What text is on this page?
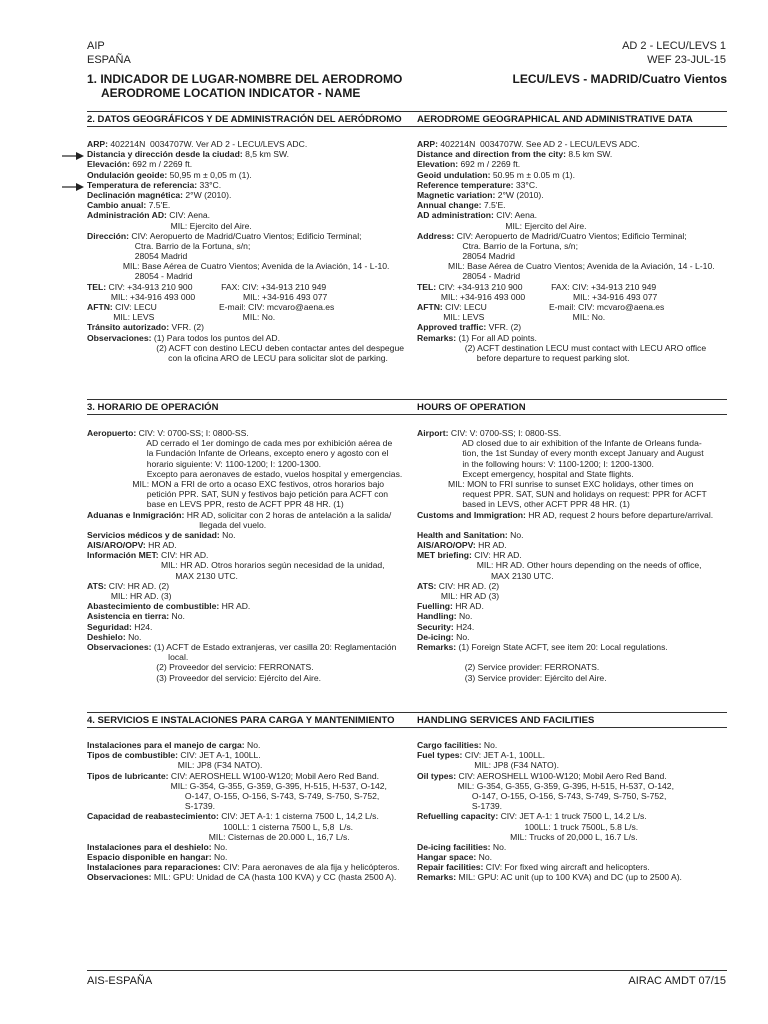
AIP
ESPAÑA
AD 2 - LECU/LEVS 1
WEF 23-JUL-15
1. INDICADOR DE LUGAR-NOMBRE DEL AERODROMO
AERODROME LOCATION INDICATOR - NAME
LECU/LEVS - MADRID/Cuatro Vientos
2. DATOS GEOGRÁFICOS Y DE ADMINISTRACIÓN DEL AERÓDROMO AERODROME GEOGRAPHICAL AND ADMINISTRATIVE DATA
ARP: 402214N  0034707W. Ver AD 2 - LECU/LEVS ADC.
Distancia y dirección desde la ciudad: 8,5 km SW.
Elevación: 692 m / 2269 ft.
Ondulación geoide: 50,95 m ± 0,05 m (1).
Temperatura de referencia: 33°C.
Declinación magnética: 2°W (2010).
Cambio anual: 7.5'E.
Administración AD: CIV: Aena.
MIL: Ejercito del Aire.
Dirección: CIV: Aeropuerto de Madrid/Cuatro Vientos; Edificio Terminal;
Ctra. Barrio de la Fortuna, s/n;
28054 Madrid
MIL: Base Aérea de Cuatro Vientos; Avenida de la Aviación, 14 - L-10.
28054 - Madrid
TEL: CIV: +34-913 210 900            FAX: CIV: +34-913 210 949
MIL: +34-916 493 000                    MIL: +34-916 493 077
AFTN: CIV: LECU                          E-mail: CIV: mcvaro@aena.es
MIL: LEVS                                     MIL: No.
Tránsito autorizado: VFR. (2)
Observaciones: (1) Para todos los puntos del AD.
(2) ACFT con destino LECU deben contactar antes del despegue
con la oficina ARO de LECU para solicitar slot de parking.
ARP: 402214N  0034707W. See AD 2 - LECU/LEVS ADC.
Distance and direction from the city: 8.5 km SW.
Elevation: 692 m / 2269 ft.
Geoid undulation: 50.95 m ± 0.05 m (1).
Reference temperature: 33°C.
Magnetic variation: 2°W (2010).
Annual change: 7.5'E.
AD administration: CIV: Aena.
MIL: Ejercito del Aire.
Address: CIV: Aeropuerto de Madrid/Cuatro Vientos; Edificio Terminal;
Ctra. Barrio de la Fortuna, s/n;
28054 Madrid
MIL: Base Aérea de Cuatro Vientos; Avenida de la Aviación, 14 - L-10.
28054 - Madrid
TEL: CIV: +34-913 210 900            FAX: CIV: +34-913 210 949
MIL: +34-916 493 000                    MIL: +34-916 493 077
AFTN: CIV: LECU                          E-mail: CIV: mcvaro@aena.es
MIL: LEVS                                     MIL: No.
Approved traffic: VFR. (2)
Remarks: (1) For all AD points.
(2) ACFT destination LECU must contact with LECU ARO office
before departure to request parking slot.
3. HORARIO DE OPERACIÓN	HOURS OF OPERATION
Aeropuerto: CIV: V: 0700-SS; I: 0800-SS.
AD cerrado el 1er domingo de cada mes por exhibición aérea de
la Fundación Infante de Orleans, excepto enero y agosto con el
horario siguiente: V: 1100-1200; I: 1200-1300.
Excepto para aeronaves de estado, vuelos hospital y emergencias.
MIL: MON a FRI de orto a ocaso EXC festivos, otros horarios bajo
petición PPR. SAT, SUN y festivos bajo petición para ACFT con
base en LEVS PPR, resto de ACFT PPR 48 HR. (1)
Aduanas e Inmigración: HR AD, solicitar con 2 horas de antelación a la salida/
llegada del vuelo.
Servicios médicos y de sanidad: No.
AIS/ARO/OPV: HR AD.
Información MET: CIV: HR AD.
MIL: HR AD. Otros horarios según necesidad de la unidad,
MAX 2130 UTC.
ATS: CIV: HR AD. (2)
MIL: HR AD. (3)
Abastecimiento de combustible: HR AD.
Asistencia en tierra: No.
Seguridad: H24.
Deshielo: No.
Observaciones: (1) ACFT de Estado extranjeras, ver casilla 20: Reglamentación
local.
(2) Proveedor del servicio: FERRONATS.
(3) Proveedor del servicio: Ejército del Aire.
Airport: CIV: V: 0700-SS; I: 0800-SS.
AD closed due to air exhibition of the Infante de Orleans funda-
tion, the 1st Sunday of every month except January and August
in the following hours: V: 1100-1200; I: 1200-1300.
Except emergency, hospital and State flights.
MIL: MON to FRI sunrise to sunset EXC holidays, other times on
request PPR. SAT, SUN and holidays on request: PPR for ACFT
based in LEVS, other ACFT PPR 48 HR. (1)
Customs and Immigration: HR AD, request 2 hours before departure/arrival.
Health and Sanitation: No.
AIS/ARO/OPV: HR AD.
MET briefing: CIV: HR AD.
MIL: HR AD. Other hours depending on the needs of office,
MAX 2130 UTC.
ATS: CIV: HR AD. (2)
MIL: HR AD (3)
Fuelling: HR AD.
Handling: No.
Security: H24.
De-icing: No.
Remarks: (1) Foreign State ACFT, see item 20: Local regulations.
(2) Service provider: FERRONATS.
(3) Service provider: Ejército del Aire.
4. SERVICIOS E INSTALACIONES PARA CARGA Y MANTENIMIENTO HANDLING SERVICES AND FACILITIES
Instalaciones para el manejo de carga: No.
Tipos de combustible: CIV: JET A-1, 100LL.
MIL: JP8 (F34 NATO).
Tipos de lubricante: CIV: AEROSHELL W100-W120; Mobil Aero Red Band.
MIL: G-354, G-355, G-359, G-395, H-515, H-537, O-142,
O-147, O-155, O-156, S-743, S-749, S-750, S-752,
S-1739.
Capacidad de reabastecimiento: CIV: JET A-1: 1 cisterna 7500 L, 14,2 L/s.
100LL: 1 cisterna 7500 L, 5,8  L/s.
MIL: Cisternas de 20.000 L, 16,7 L/s.
Instalaciones para el deshielo: No.
Espacio disponible en hangar: No.
Instalaciones para reparaciones: CIV: Para aeronaves de ala fija y helicópteros.
Observaciones: MIL: GPU: Unidad de CA (hasta 100 KVA) y CC (hasta 2500 A).
Cargo facilities: No.
Fuel types: CIV: JET A-1, 100LL.
MIL: JP8 (F34 NATO).
Oil types: CIV: AEROSHELL W100-W120; Mobil Aero Red Band.
MIL: G-354, G-355, G-359, G-395, H-515, H-537, O-142,
O-147, O-155, O-156, S-743, S-749, S-750, S-752,
S-1739.
Refuelling capacity: CIV: JET A-1: 1 truck 7500 L, 14.2 L/s.
100LL: 1 truck 7500L, 5.8 L/s.
MIL: Trucks of 20,000 L, 16.7 L/s.
De-icing facilities: No.
Hangar space: No.
Repair facilities: CIV: For fixed wing aircraft and helicopters.
Remarks: MIL: GPU: AC unit (up to 100 KVA) and DC (up to 2500 A).
AIS-ESPAÑA	AIRAC AMDT 07/15
